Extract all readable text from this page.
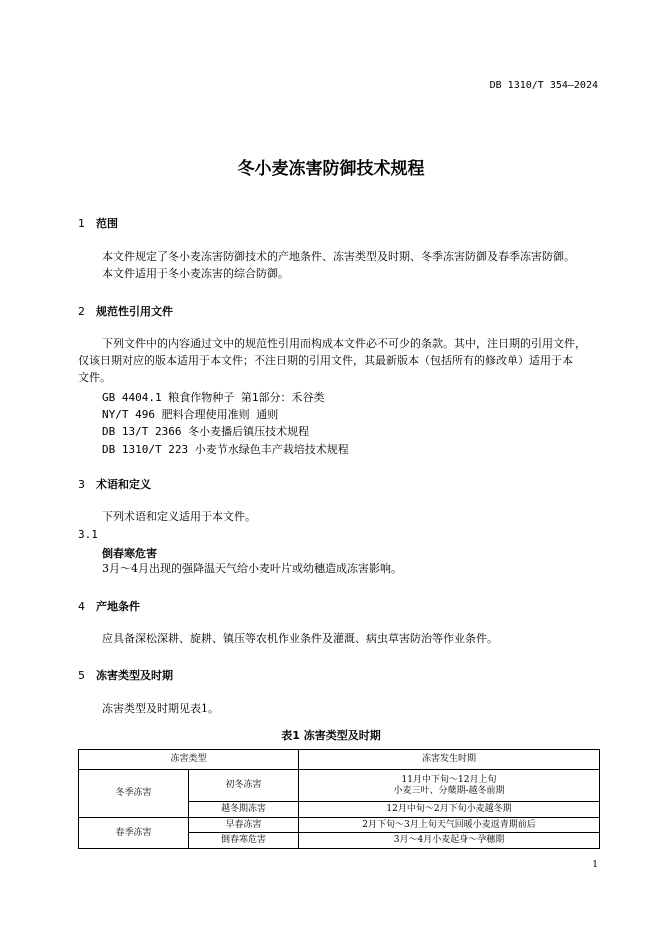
DB 1310/T 354—2024
冬小麦冻害防御技术规程
1 范围
本文件规定了冬小麦冻害防御技术的产地条件、冻害类型及时期、冬季冻害防御及春季冻害防御。
本文件适用于冬小麦冻害的综合防御。
2 规范性引用文件
下列文件中的内容通过文中的规范性引用而构成本文件必不可少的条款。其中，注日期的引用文件，
仅该日期对应的版本适用于本文件；不注日期的引用文件，其最新版本（包括所有的修改单）适用于本
文件。
GB 4404.1 粮食作物种子 第1部分：禾谷类
NY/T 496 肥料合理使用准则 通则
DB 13/T 2366 冬小麦播后镇压技术规程
DB 1310/T 223 小麦节水绿色丰产栽培技术规程
3 术语和定义
下列术语和定义适用于本文件。
3.1
倒春寒危害
3月～4月出现的强降温天气给小麦叶片或幼穗造成冻害影响。
4 产地条件
应具备深松深耕、旋耕、镇压等农机作业条件及灌溉、病虫草害防治等作业条件。
5 冻害类型及时期
冻害类型及时期见表1。
表1 冻害类型及时期
冻害类型		冻害发生时期
冬季冻害	初冬冻害	11月中下旬～12月上旬
小麦三叶、分蘖期-越冬前期

	越冬期冻害	12月中旬～2月下旬小麦越冬期
春季冻害	早春冻害	2月下旬～3月上旬天气回暖小麦返青期前后
	倒春寒危害	3月～4月小麦起身～孕穗期
1
